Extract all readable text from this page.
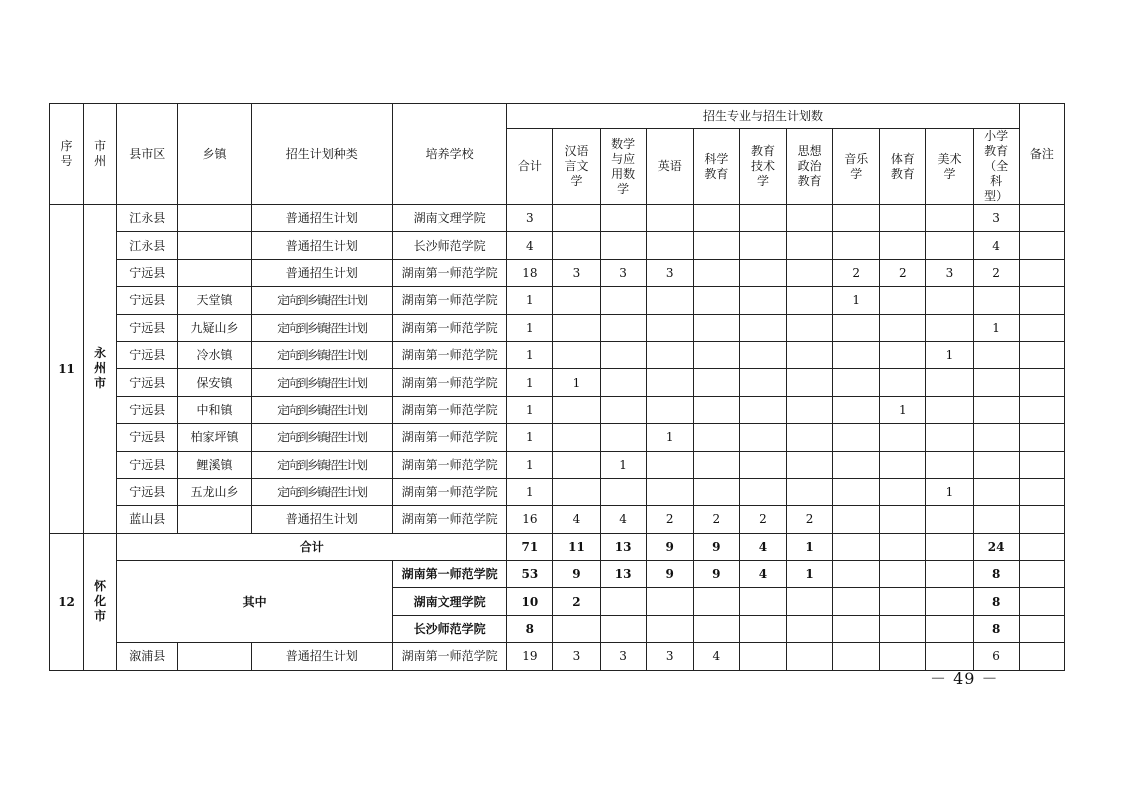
序号	市州	县市区	乡镇	招生计划种类	培养学校	招生专业与招生计划数											备注
						合计	汉语言文学	数学与应用数学	英语	科学教育	教育技术学	思想政治教育	音乐学	体育教育	美术学	小学教育（全科型）	
11	永州市	江永县		普通招生计划	湖南文理学院	3										3	
		江永县		普通招生计划	长沙师范学院	4										4	
		宁远县		普通招生计划	湖南第一师范学院	18	3	3	3				2	2	3	2	
		宁远县	天堂镇	定向到乡镇招生计划	湖南第一师范学院	1							1				
		宁远县	九疑山乡	定向到乡镇招生计划	湖南第一师范学院	1										1	
		宁远县	冷水镇	定向到乡镇招生计划	湖南第一师范学院	1									1		
		宁远县	保安镇	定向到乡镇招生计划	湖南第一师范学院	1	1										
		宁远县	中和镇	定向到乡镇招生计划	湖南第一师范学院	1								1			
		宁远县	柏家坪镇	定向到乡镇招生计划	湖南第一师范学院	1			1								
		宁远县	鲤溪镇	定向到乡镇招生计划	湖南第一师范学院	1		1									
		宁远县	五龙山乡	定向到乡镇招生计划	湖南第一师范学院	1									1		
		蓝山县		普通招生计划	湖南第一师范学院	16	4	4	2	2	2	2					
12	怀化市	合计				71	11	13	9	9	4	1				24	
		其中			湖南第一师范学院	53	9	13	9	9	4	1				8	
					湖南文理学院	10	2									8	
					长沙师范学院	8										8	
		溆浦县		普通招生计划	湖南第一师范学院	19	3	3	3	4						6	
－ 49 －
